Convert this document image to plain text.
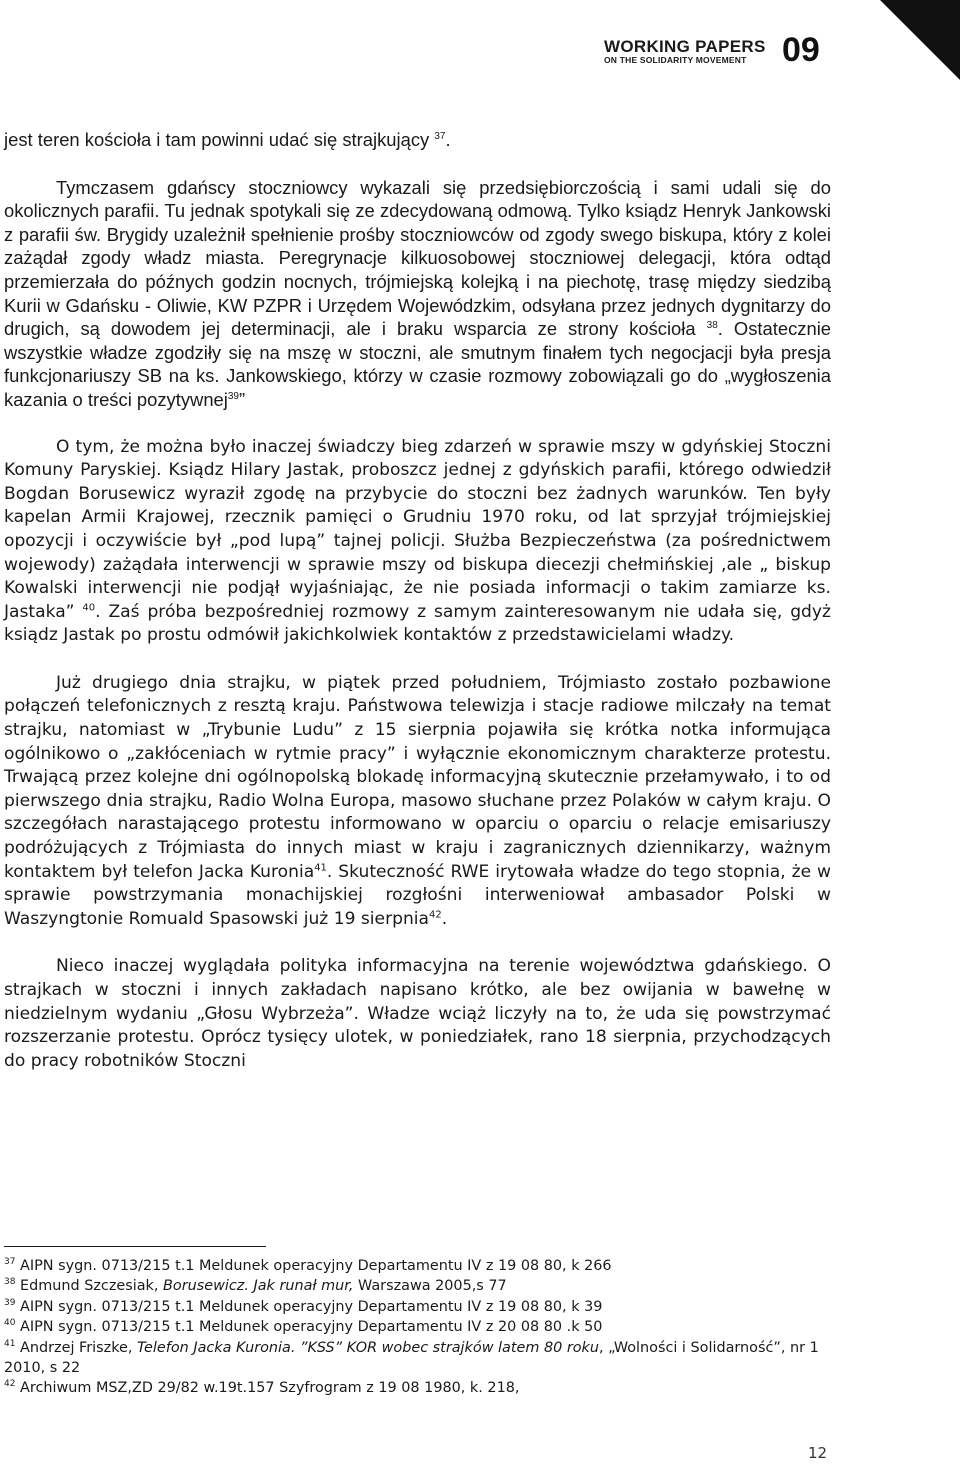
WORKING PAPERS
ON THE SOLIDARITY MOVEMENT	09

jest teren kościoła i tam powinni udać się strajkujący $^{37}$.

Tymczasem gdańscy stoczniowcy wykazali się przedsiębiorczością i sami udali się do okolicznych parafii. Tu jednak spotykali się ze zdecydowaną odmową. Tylko ksiądz Henryk Jankowski z parafii św. Brygidy uzależnił spełnienie prośby stoczniowców od zgody swego biskupa, który z kolei zażądał zgody władz miasta. Peregrynacje kilkuosobowej stoczniowej delegacji, która odtąd przemierzała do późnych godzin nocnych, trójmiejską kolejką i na piechotę, trasę między siedzibą Kurii w Gdańsku - Oliwie, KW PZPR i Urzędem Wojewódzkim, odsyłana przez jednych dygnitarzy do drugich, są dowodem jej determinacji, ale i braku wsparcia ze strony kościoła $^{38}$. Ostatecznie wszystkie władze zgodziły się na mszę w stoczni, ale smutnym finałem tych negocjacji była presja funkcjonariuszy SB na ks. Jankowskiego, którzy w czasie rozmowy zobowiązali go do „wygłoszenia kazania o treści pozytywnej$^{39}$”

O tym, że można było inaczej świadczy bieg zdarzeń w sprawie mszy w gdyńskiej Stoczni Komuny Paryskiej. Ksiądz Hilary Jastak, proboszcz jednej z gdyńskich parafii, którego odwiedził Bogdan Borusewicz wyraził zgodę na przybycie do stoczni bez żadnych warunków. Ten były kapelan Armii Krajowej, rzecznik pamięci o Grudniu 1970 roku, od lat sprzyjał trójmiejskiej opozycji i oczywiście był „pod lupą” tajnej policji. Służba Bezpieczeństwa (za pośrednictwem wojewody) zażądała interwencji w sprawie mszy od biskupa diecezji chełmińskiej ,ale „ biskup Kowalski interwencji nie podjął wyjaśniając, że nie posiada informacji o takim zamiarze ks. Jastaka” $^{40}$. Zaś próba bezpośredniej rozmowy z samym zainteresowanym nie udała się, gdyż ksiądz Jastak po prostu odmówił jakichkolwiek kontaktów z przedstawicielami władzy.

Już drugiego dnia strajku, w piątek przed południem, Trójmiasto zostało pozbawione połączeń telefonicznych z resztą kraju. Państwowa telewizja i stacje radiowe milczały na temat strajku, natomiast w „Trybunie Ludu” z 15 sierpnia pojawiła się krótka notka informująca ogólnikowo o „zakłóceniach w rytmie pracy” i wyłącznie ekonomicznym charakterze protestu. Trwającą przez kolejne dni ogólnopolską blokadę informacyjną skutecznie przełamywało, i to od pierwszego dnia strajku, Radio Wolna Europa, masowo słuchane przez Polaków w całym kraju. O szczegółach narastającego protestu informowano w oparciu o oparciu o relacje emisariuszy podróżujących z Trójmiasta do innych miast w kraju i zagranicznych dziennikarzy, ważnym kontaktem był telefon Jacka Kuronia$^{41}$. Skuteczność RWE irytowała władze do tego stopnia, że w sprawie powstrzymania monachijskiej rozgłośni interweniował ambasador Polski w Waszyngtonie Romuald Spasowski już 19 sierpnia$^{42}$.

Nieco inaczej wyglądała polityka informacyjna na terenie województwa gdańskiego. O strajkach w stoczni i innych zakładach napisano krótko, ale bez owijania w bawełnę w niedzielnym wydaniu „Głosu Wybrzeża”. Władze wciąż liczyły na to, że uda się powstrzymać rozszerzanie protestu. Oprócz tysięcy ulotek, w poniedziałek, rano 18 sierpnia, przychodzących do pracy robotników Stoczni

$^{37}$ AIPN sygn. 0713/215 t.1 Meldunek operacyjny Departamentu IV z 19 08 80, k 266

$^{38}$ Edmund Szczesiak, Borusewicz. Jak runał mur, Warszawa 2005,s 77

$^{39}$ AIPN sygn. 0713/215 t.1 Meldunek operacyjny Departamentu IV z 19 08 80, k 39

$^{40}$ AIPN sygn. 0713/215 t.1 Meldunek operacyjny Departamentu IV z 20 08 80 .k 50

$^{41}$ Andrzej Friszke, Telefon Jacka Kuronia. ”KSS” KOR wobec strajków latem 80 roku, „Wolności i Solidarność”, nr 1 2010, s 22

$^{42}$ Archiwum MSZ,ZD 29/82 w.19t.157 Szyfrogram z 19 08 1980, k. 218,

12
